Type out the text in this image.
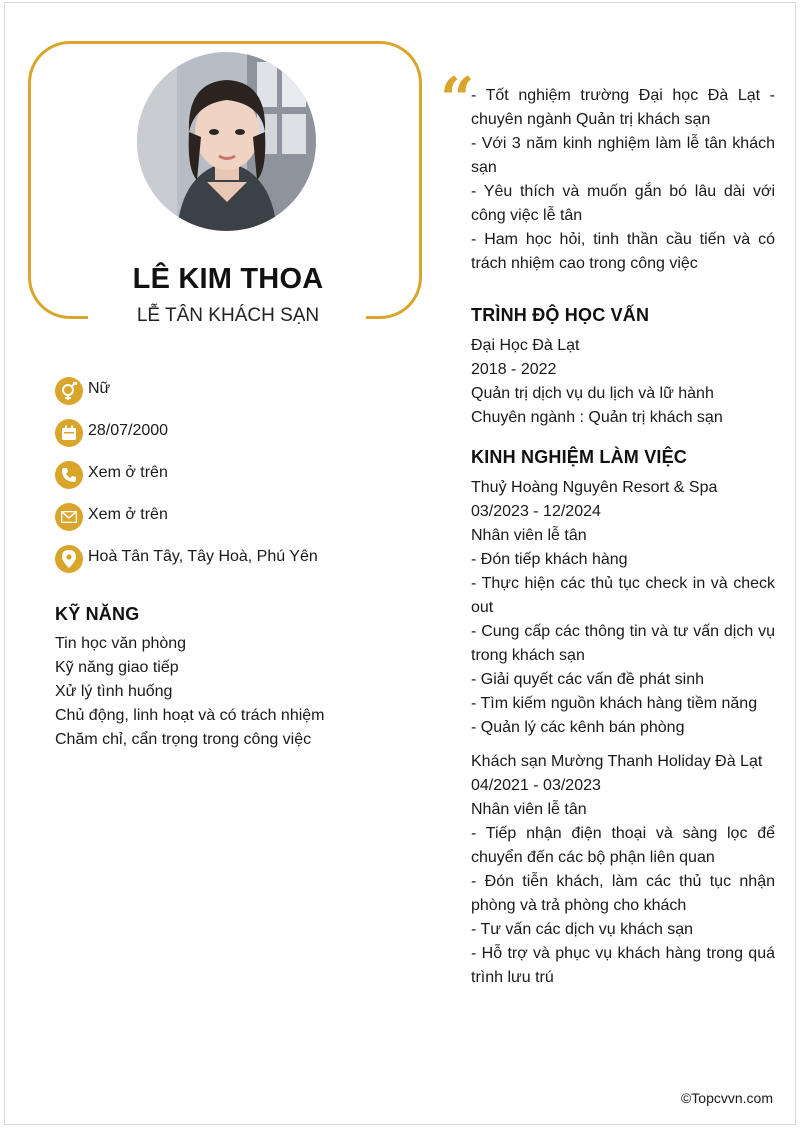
LÊ KIM THOA
LỄ TÂN KHÁCH SẠN
Nữ
28/07/2000
Xem ở trên
Xem ở trên
Hoà Tân Tây, Tây Hoà, Phú Yên
KỸ NĂNG
Tin học văn phòng
Kỹ năng giao tiếp
Xử lý tình huống
Chủ động, linh hoạt và có trách nhiệm
Chăm chỉ, cẩn trọng trong công việc
“

- Tốt nghiệm trường Đại học Đà Lạt - chuyên ngành Quản trị khách sạn

- Với 3 năm kinh nghiệm làm lễ tân khách sạn

- Yêu thích và muốn gắn bó lâu dài với công việc lễ tân

- Ham học hỏi, tinh thần cầu tiến và có trách nhiệm cao trong công việc

TRÌNH ĐỘ HỌC VẤN
Đại Học Đà Lạt
2018 - 2022
Quản trị dịch vụ du lịch và lữ hành
Chuyên ngành : Quản trị khách sạn
KINH NGHIỆM LÀM VIỆC

Thuỷ Hoàng Nguyên Resort & Spa

03/2023 - 12/2024

Nhân viên lễ tân

- Đón tiếp khách hàng

- Thực hiện các thủ tục check in và check out

- Cung cấp các thông tin và tư vấn dịch vụ trong khách sạn

- Giải quyết các vấn đề phát sinh

- Tìm kiếm nguồn khách hàng tiềm năng

- Quản lý các kênh bán phòng

Khách sạn Mường Thanh Holiday Đà Lạt

04/2021 - 03/2023

Nhân viên lễ tân

- Tiếp nhận điện thoại và sàng lọc để chuyển đến các bộ phận liên quan

- Đón tiễn khách, làm các thủ tục nhận phòng và trả phòng cho khách

- Tư vấn các dịch vụ khách sạn

- Hỗ trợ và phục vụ khách hàng trong quá trình lưu trú

©Topcvvn.com
